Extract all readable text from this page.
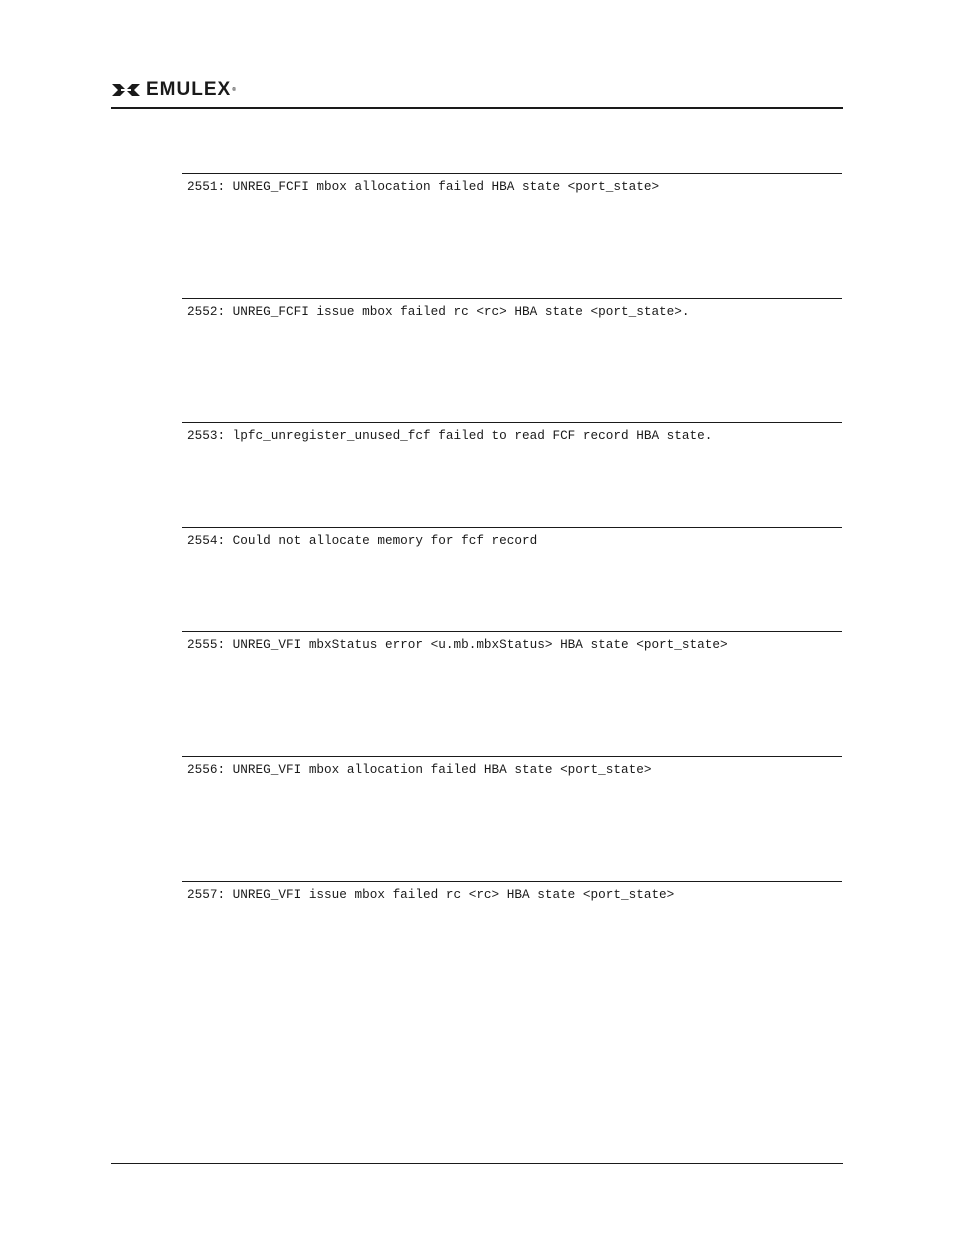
EMULEX®
2551: UNREG_FCFI mbox allocation failed HBA state <port_state>
2552: UNREG_FCFI issue mbox failed rc <rc> HBA state <port_state>.
2553: lpfc_unregister_unused_fcf failed to read FCF record HBA state.
2554: Could not allocate memory for fcf record
2555: UNREG_VFI mbxStatus error <u.mb.mbxStatus> HBA state <port_state>
2556: UNREG_VFI mbox allocation failed HBA state <port_state>
2557: UNREG_VFI issue mbox failed rc <rc> HBA state <port_state>
